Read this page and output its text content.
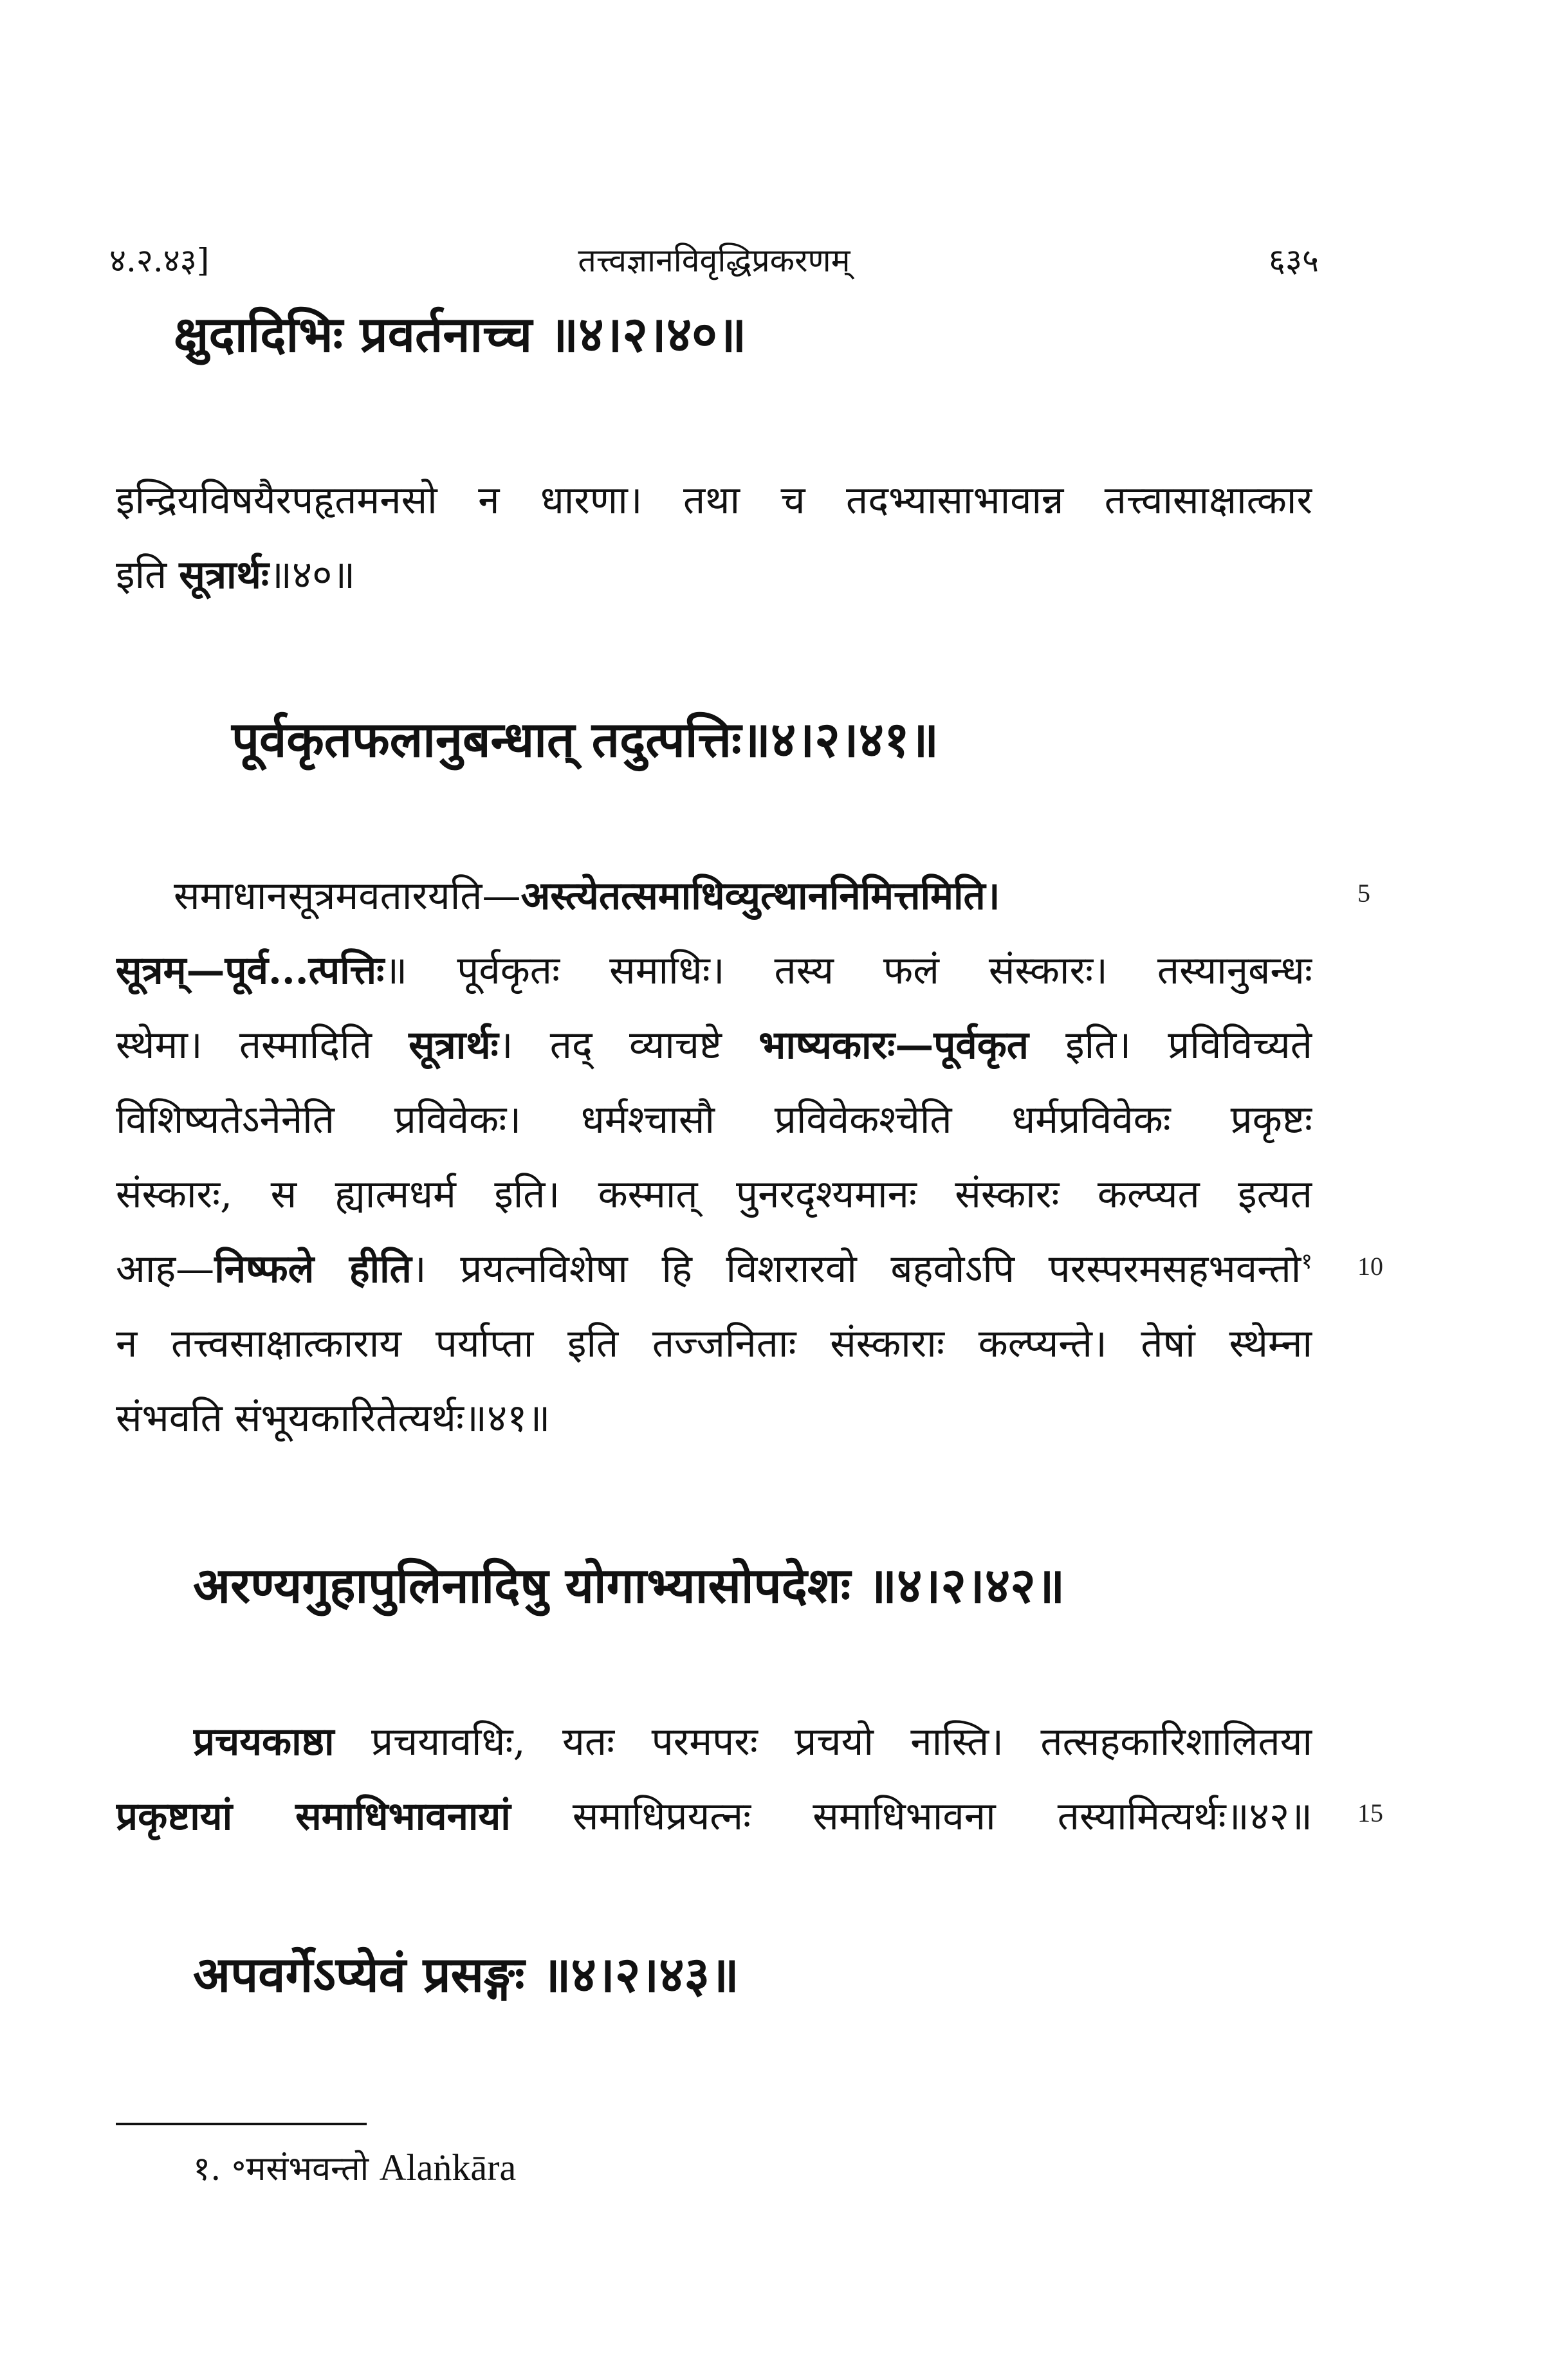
४.२.४३]	तत्त्वज्ञानविवृद्धिप्रकरणम्	६३५
क्षुदादिभिः प्रवर्तनाच्च ॥४।२।४०॥
इन्द्रियविषयैरपहृतमनसो न धारणा। तथा च तदभ्यासाभावान्न तत्त्वासाक्षात्कार
इति सूत्रार्थः॥४०॥
पूर्वकृतफलानुबन्धात् तदुत्पत्तिः॥४।२।४१॥
समाधानसूत्रमवतारयति—अस्त्येतत्समाधिव्युत्थाननिमित्तमिति।
सूत्रम्—पूर्व...त्पत्तिः॥ पूर्वकृतः समाधिः। तस्य फलं संस्कारः। तस्यानुबन्धः
स्थेमा। तस्मादिति सूत्रार्थः। तद् व्याचष्टे भाष्यकारः—पूर्वकृत इति। प्रविविच्यते
विशिष्यतेऽनेनेति प्रविवेकः। धर्मश्चासौ प्रविवेकश्चेति धर्मप्रविवेकः प्रकृष्टः
संस्कारः, स ह्यात्मधर्म इति। कस्मात् पुनरदृश्यमानः संस्कारः कल्प्यत इत्यत
आह—निष्फले हीति। प्रयत्नविशेषा हि विशरारवो बहवोऽपि परस्परमसहभवन्तो$^१$
न तत्त्वसाक्षात्काराय पर्याप्ता इति तज्जनिताः संस्काराः कल्प्यन्ते। तेषां स्थेम्ना
संभवति संभूयकारितेत्यर्थः॥४१॥
अरण्यगुहापुलिनादिषु योगाभ्यासोपदेशः ॥४।२।४२॥
प्रचयकाष्ठा प्रचयावधिः, यतः परमपरः प्रचयो नास्ति। तत्सहकारिशालितया
प्रकृष्टायां समाधिभावनायां समाधिप्रयत्नः समाधिभावना तस्यामित्यर्थः॥४२॥
अपवर्गेऽप्येवं प्रसङ्गः ॥४।२।४३॥
5
10
15
१. ॰मसंभवन्तो Alaṅkāra
